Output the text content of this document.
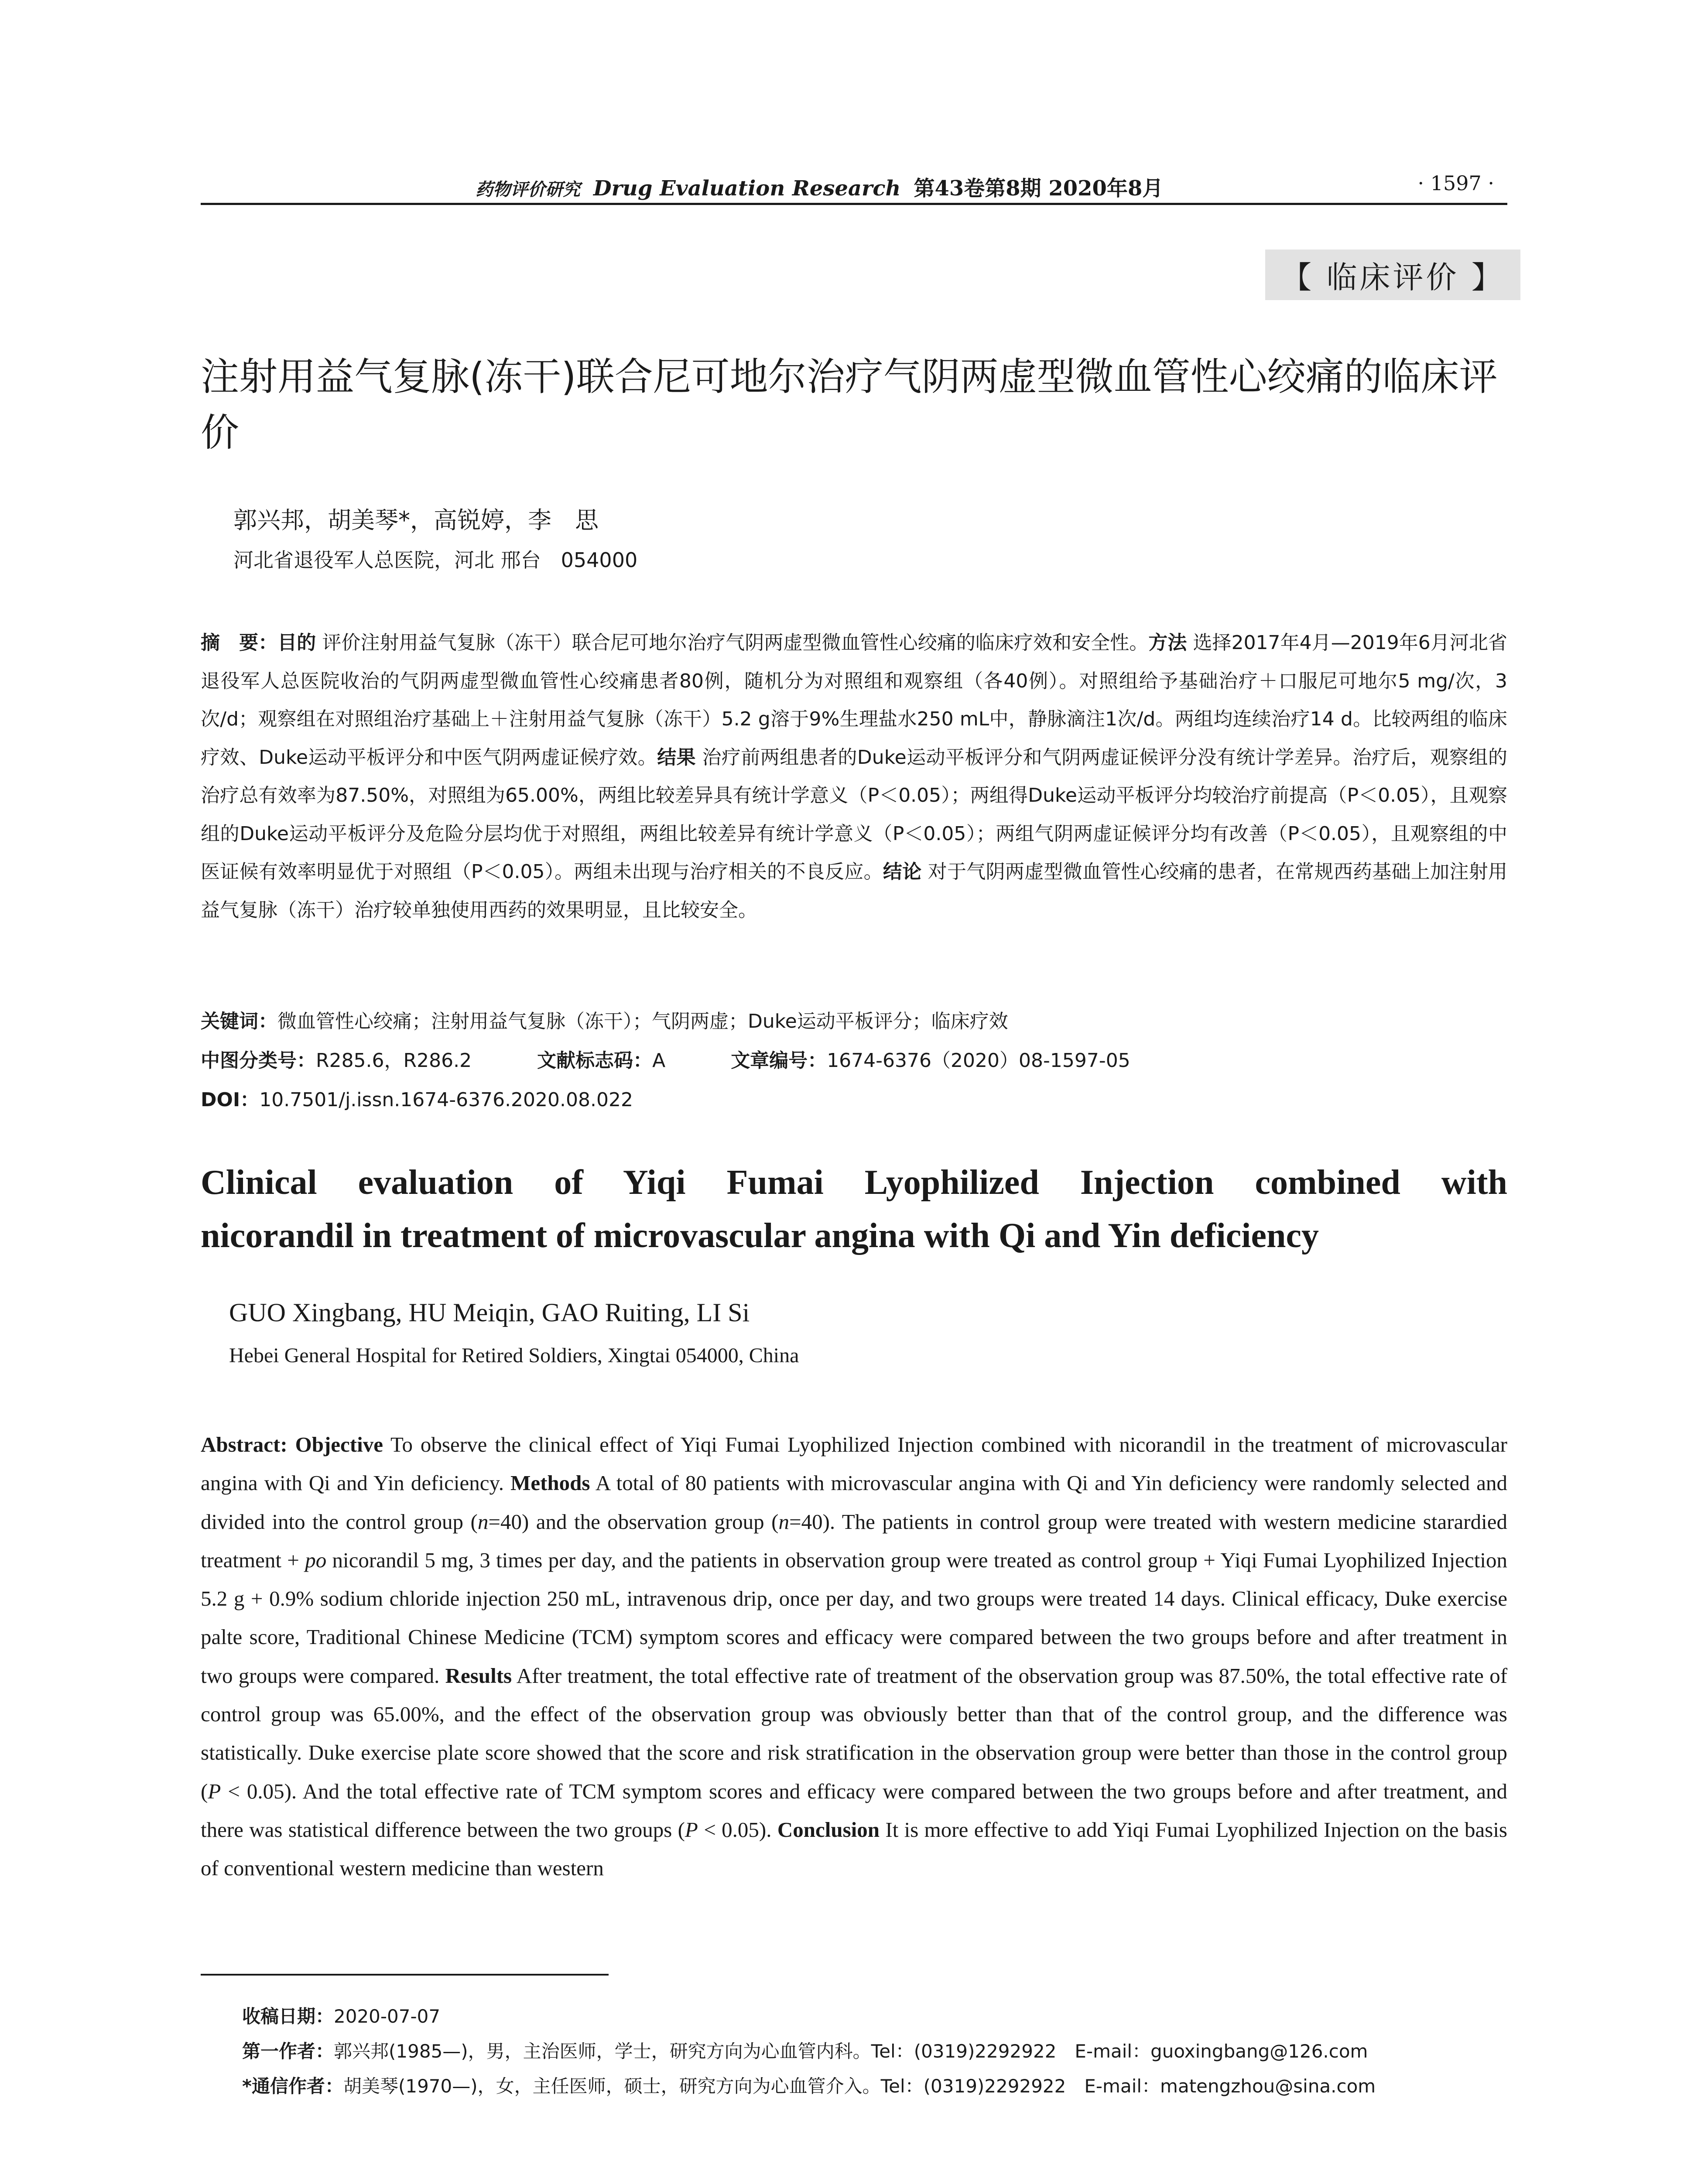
药物评价研究 Drug Evaluation Research 第43卷第8期 2020年8月	· 1597 ·
【 临床评价 】
注射用益气复脉(冻干)联合尼可地尔治疗气阴两虚型微血管性心绞痛的临床评价
郭兴邦，胡美琴*，高锐婷，李　思
河北省退役军人总医院，河北 邢台　054000
摘　要：目的 评价注射用益气复脉（冻干）联合尼可地尔治疗气阴两虚型微血管性心绞痛的临床疗效和安全性。方法 选择2017年4月—2019年6月河北省退役军人总医院收治的气阴两虚型微血管性心绞痛患者80例，随机分为对照组和观察组（各40例）。对照组给予基础治疗＋口服尼可地尔5 mg/次，3次/d；观察组在对照组治疗基础上＋注射用益气复脉（冻干）5.2 g溶于9%生理盐水250 mL中，静脉滴注1次/d。两组均连续治疗14 d。比较两组的临床疗效、Duke运动平板评分和中医气阴两虚证候疗效。结果 治疗前两组患者的Duke运动平板评分和气阴两虚证候评分没有统计学差异。治疗后，观察组的治疗总有效率为87.50%，对照组为65.00%，两组比较差异具有统计学意义（P＜0.05）；两组得Duke运动平板评分均较治疗前提高（P＜0.05），且观察组的Duke运动平板评分及危险分层均优于对照组，两组比较差异有统计学意义（P＜0.05）；两组气阴两虚证候评分均有改善（P＜0.05），且观察组的中医证候有效率明显优于对照组（P＜0.05）。两组未出现与治疗相关的不良反应。结论 对于气阴两虚型微血管性心绞痛的患者，在常规西药基础上加注射用益气复脉（冻干）治疗较单独使用西药的效果明显，且比较安全。
关键词：微血管性心绞痛；注射用益气复脉（冻干）；气阴两虚；Duke运动平板评分；临床疗效
中图分类号：R285.6，R286.2	文献标志码：A	文章编号：1674-6376（2020）08-1597-05
DOI：10.7501/j.issn.1674-6376.2020.08.022
Clinical evaluation of Yiqi Fumai Lyophilized Injection combined with
nicorandil in treatment of microvascular angina with Qi and Yin deficiency
GUO Xingbang, HU Meiqin, GAO Ruiting, LI Si
Hebei General Hospital for Retired Soldiers, Xingtai 054000, China
Abstract: Objective To observe the clinical effect of Yiqi Fumai Lyophilized Injection combined with nicorandil in the treatment of microvascular angina with Qi and Yin deficiency. Methods A total of 80 patients with microvascular angina with Qi and Yin deficiency were randomly selected and divided into the control group (n=40) and the observation group (n=40). The patients in control group were treated with western medicine starardied treatment + po nicorandil 5 mg, 3 times per day, and the patients in observation group were treated as control group + Yiqi Fumai Lyophilized Injection 5.2 g + 0.9% sodium chloride injection 250 mL, intravenous drip, once per day, and two groups were treated 14 days. Clinical efficacy, Duke exercise palte score, Traditional Chinese Medicine (TCM) symptom scores and efficacy were compared between the two groups before and after treatment in two groups were compared. Results After treatment, the total effective rate of treatment of the observation group was 87.50%, the total effective rate of control group was 65.00%, and the effect of the observation group was obviously better than that of the control group, and the difference was statistically. Duke exercise plate score showed that the score and risk stratification in the observation group were better than those in the control group (P < 0.05). And the total effective rate of TCM symptom scores and efficacy were compared between the two groups before and after treatment, and there was statistical difference between the two groups (P < 0.05). Conclusion It is more effective to add Yiqi Fumai Lyophilized Injection on the basis of conventional western medicine than western
收稿日期：2020-07-07
第一作者：郭兴邦(1985—)，男，主治医师，学士，研究方向为心血管内科。Tel：(0319)2292922　E-mail：guoxingbang@126.com
*通信作者：胡美琴(1970—)，女，主任医师，硕士，研究方向为心血管介入。Tel：(0319)2292922　E-mail：matengzhou@sina.com
